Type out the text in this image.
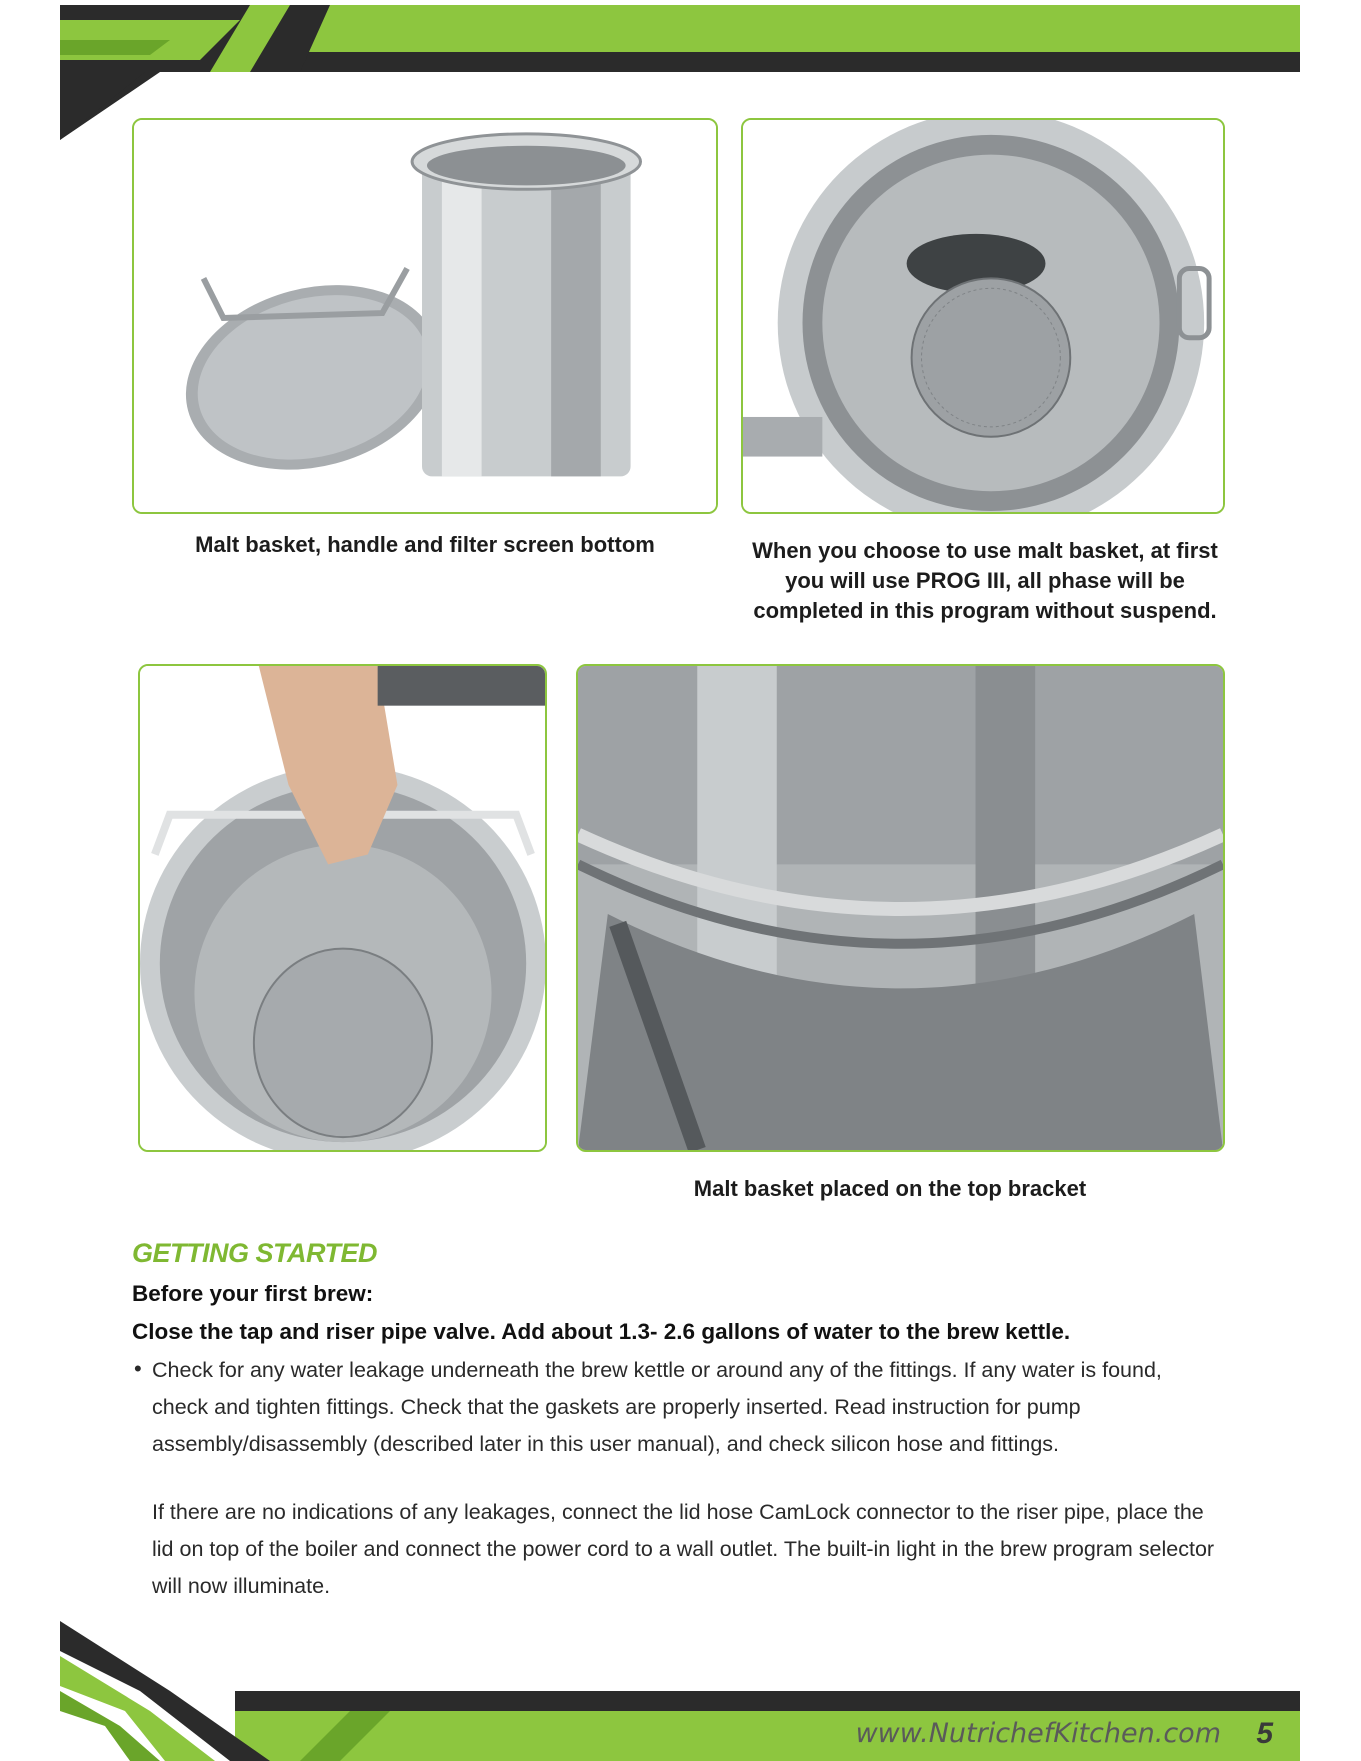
Malt basket, handle and filter screen bottom	When you choose to use malt basket, at first you will use PROG III, all phase will be completed in this program without suspend.
Malt basket placed on the top bracket
GETTING STARTED
Before your first brew:
Close the tap and riser pipe valve. Add about 1.3- 2.6 gallons of water to the brew kettle.
• Check for any water leakage underneath the brew kettle or around any of the fittings. If any water is found, check and tighten fittings. Check that the gaskets are properly inserted. Read instruction for pump assembly/disassembly (described later in this user manual), and check silicon hose and fittings.
If there are no indications of any leakages, connect the lid hose CamLock connector to the riser pipe, place the lid on top of the boiler and connect the power cord to a wall outlet. The built-in light in the brew program selector will now illuminate.
www.NutrichefKitchen.com 5
